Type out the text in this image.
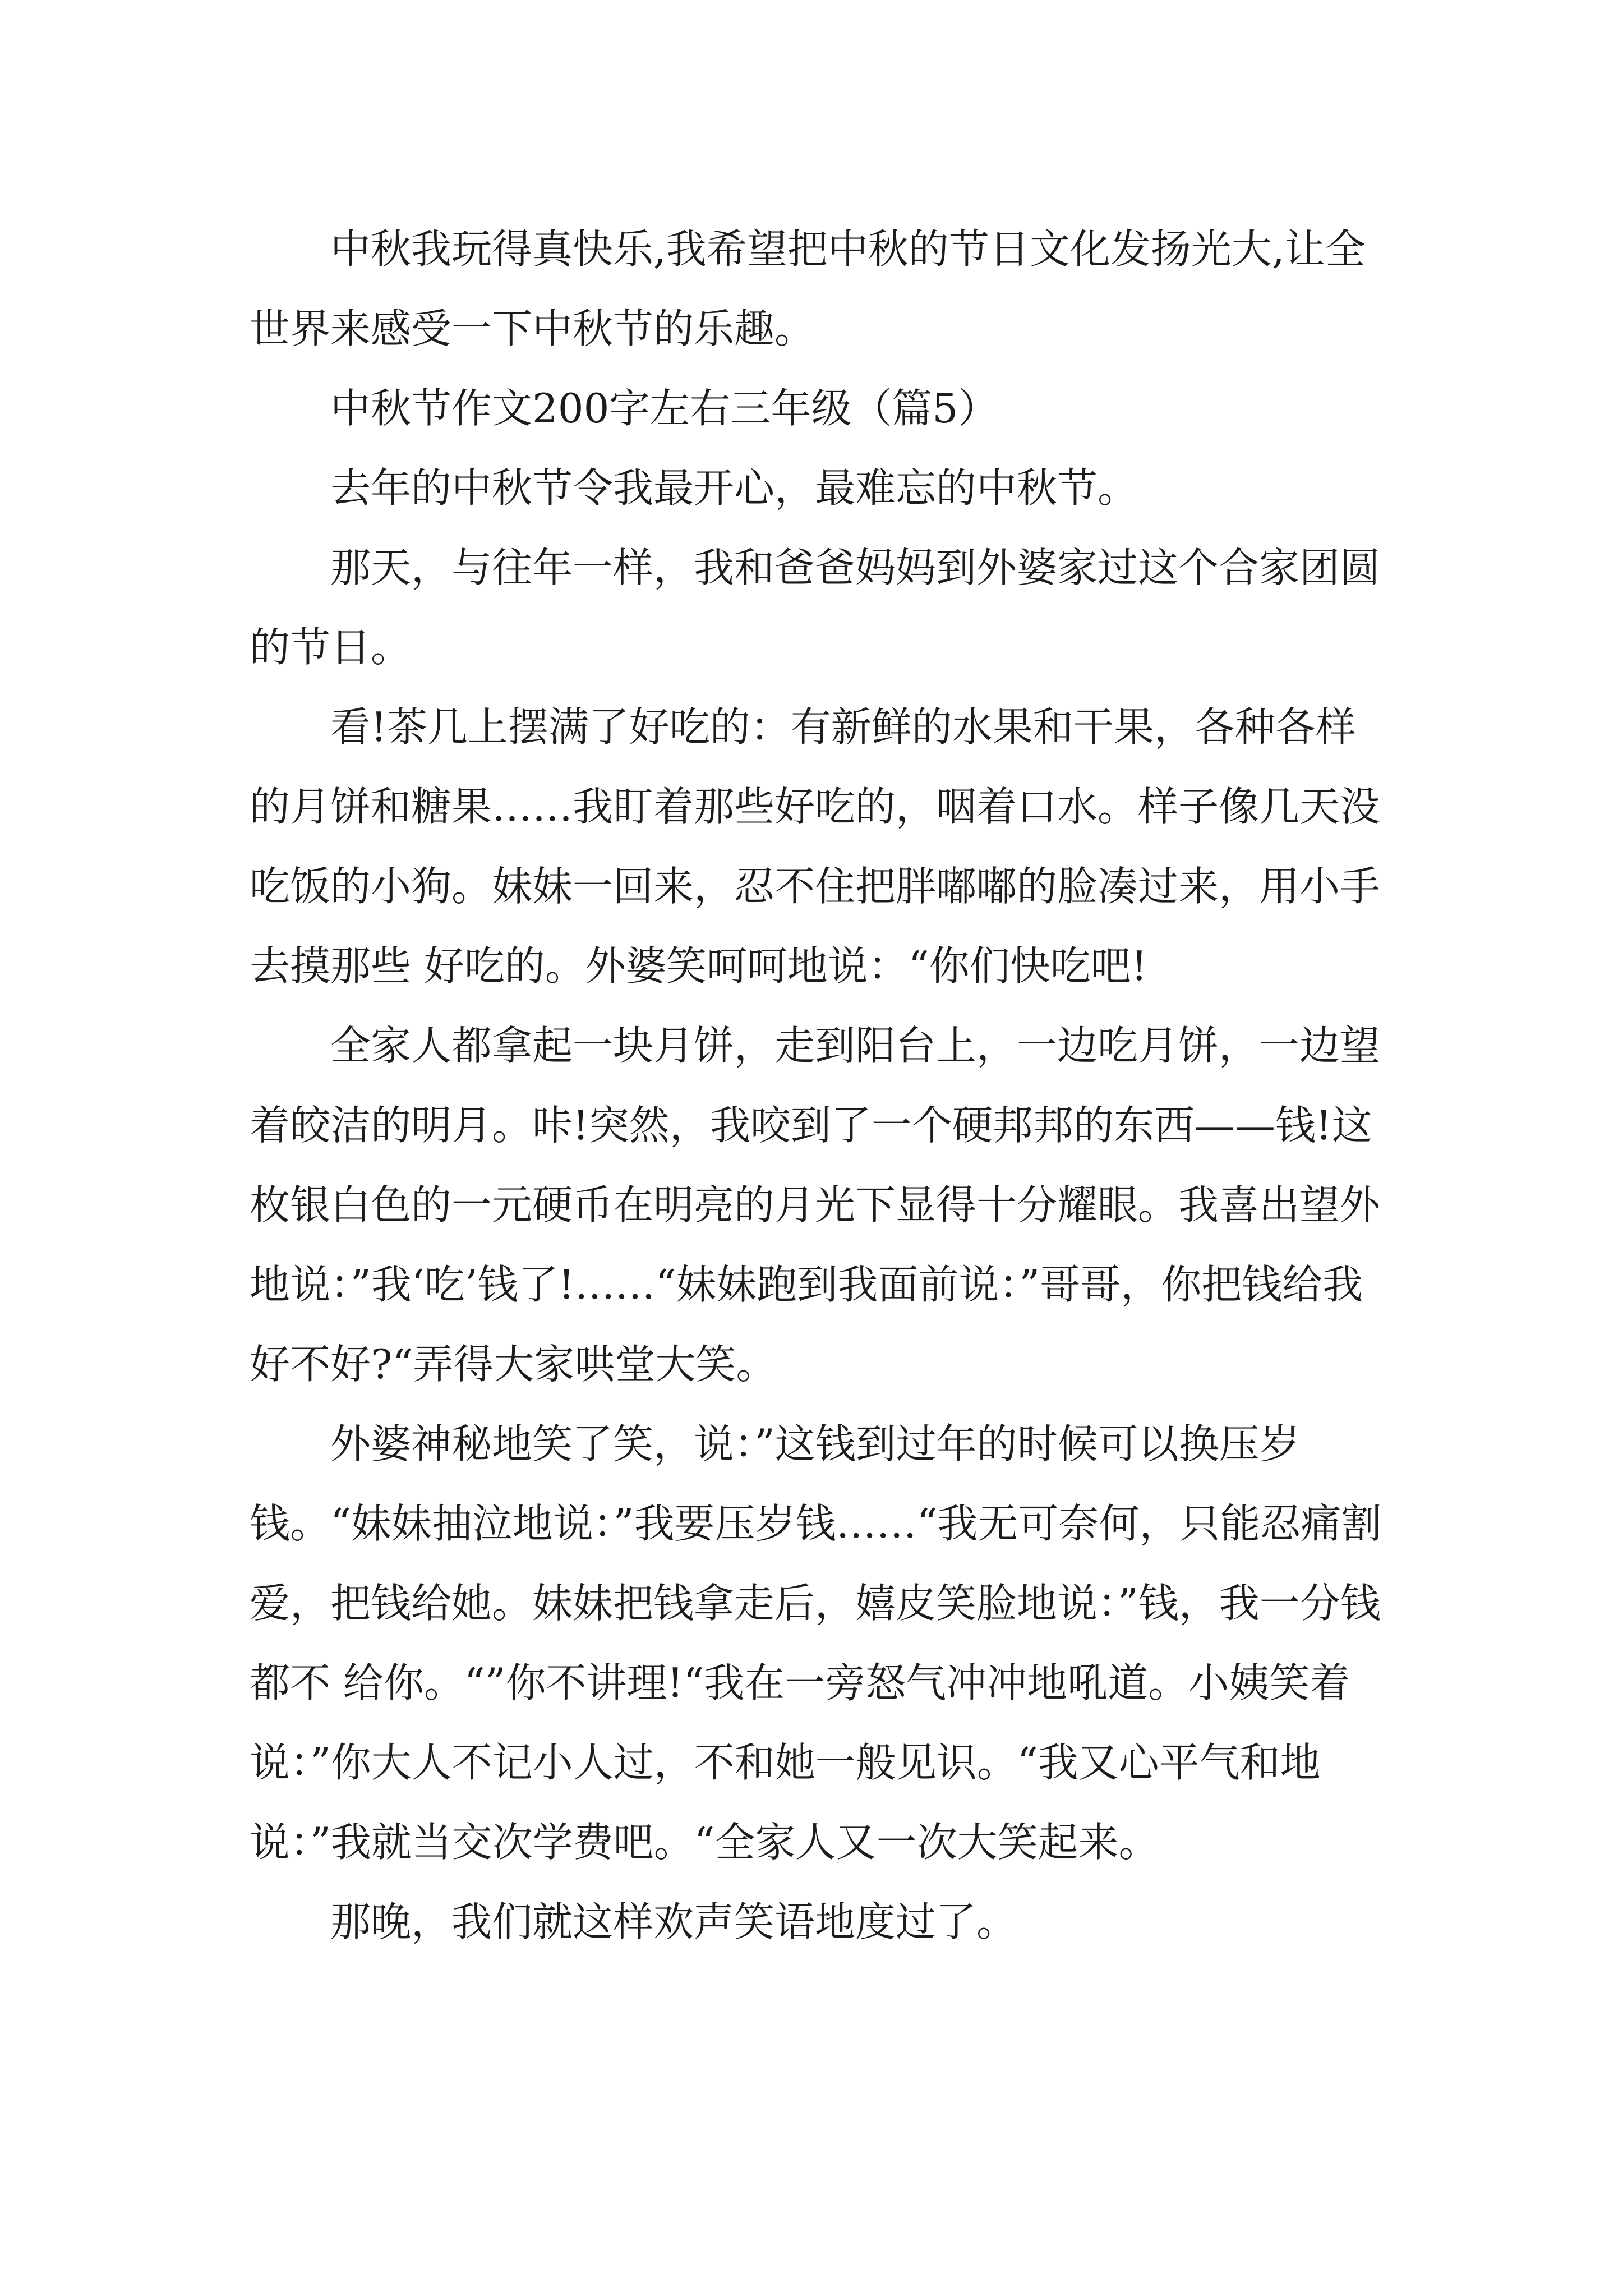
中秋我玩得真快乐,我希望把中秋的节日文化发扬光大,让全世界来感受一下中秋节的乐趣。

中秋节作文200字左右三年级（篇5）

去年的中秋节令我最开心，最难忘的中秋节。

那天，与往年一样，我和爸爸妈妈到外婆家过这个合家团圆的节日。

看!茶几上摆满了好吃的：有新鲜的水果和干果，各种各样的月饼和糖果……我盯着那些好吃的，咽着口水。样子像几天没吃饭的小狗。妹妹一回来，忍不住把胖嘟嘟的脸凑过来，用小手去摸那些 好吃的。外婆笑呵呵地说：“你们快吃吧!

全家人都拿起一块月饼，走到阳台上，一边吃月饼，一边望着皎洁的明月。咔!突然，我咬到了一个硬邦邦的东西——钱!这枚银白色的一元硬币在明亮的月光下显得十分耀眼。我喜出望外地说：”我‘吃’钱了!……“妹妹跑到我面前说：”哥哥，你把钱给我好不好?“弄得大家哄堂大笑。

外婆神秘地笑了笑，说：”这钱到过年的时候可以换压岁钱。“妹妹抽泣地说：”我要压岁钱……“我无可奈何，只能忍痛割爱，把钱给她。妹妹把钱拿走后，嬉皮笑脸地说：”钱，我一分钱都不 给你。“”你不讲理!“我在一旁怒气冲冲地吼道。小姨笑着说：”你大人不记小人过，不和她一般见识。“我又心平气和地说：”我就当交次学费吧。“全家人又一次大笑起来。

那晚，我们就这样欢声笑语地度过了。
